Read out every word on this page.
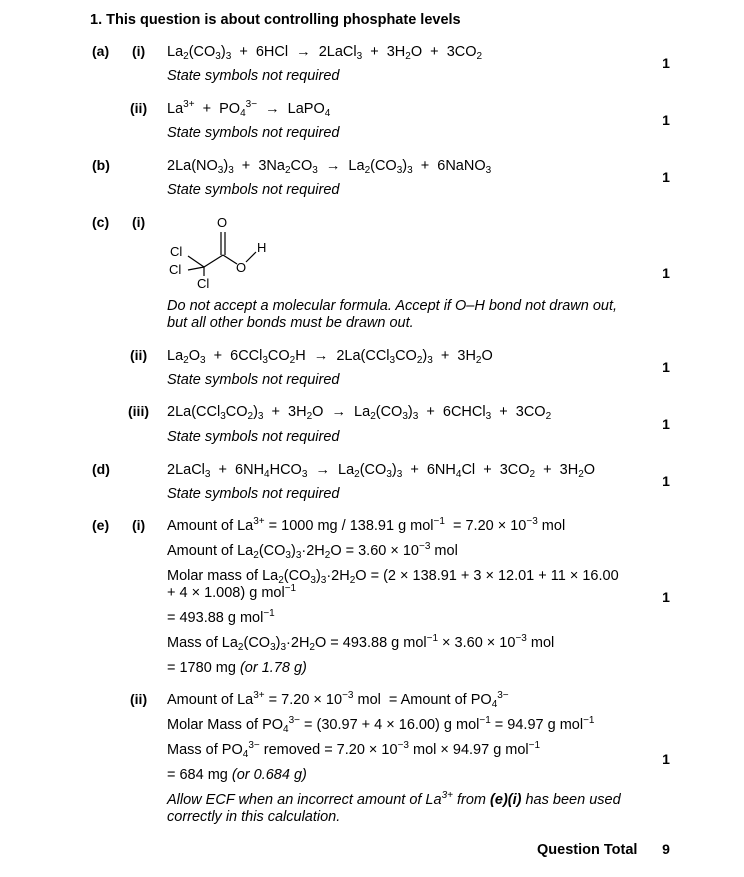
1. This question is about controlling phosphate levels
(a) (i) $La_2(CO_3)_3 + 6HCl$  →  2LaCl$_3$  +  $3H_2O + 3CO_2$
State symbols not required
1
(ii) $La^{3+} + PO_4^{3-}$  →  LaPO$_4$
State symbols not required
1
(b)	$2La(NO_3)_3 + 3Na_2CO_3 \to La_2(CO_3)_3$  +  6NaNO$_3$
State symbols not required
1
(c) (i)	O
O
H
Cl
Cl
Cl
Do not accept a molecular formula. Accept if O–H bond not drawn out,
but all other bonds must be drawn out.
1
(ii) $La_2O_3 + 6CCl_3CO_2H \to 2La(CCl_3CO_2)_3 + 3H_2O$
State symbols not required
1
(iii) $2La(CCl_3CO_2)_3 + 3H_2O \to La_2(CO_3)_3$  +  6CHCl$_3$  +  $3CO_2$
State symbols not required
1
(d)	2LaCl$_3$  +  $6NH_4HCO_3 \to La_2(CO_3)_3 + 6NH_4Cl + 3CO_2 + 3H_2O$
State symbols not required
1
(e) (i) Amount of $La^{3+} = 1000$ mg / 138.91 g $mol^{-1} = 7.20 \times 10^{-3}$ mol
Amount of $La_2(CO_3)_3\cdot 2H_2O = 3.60 \times 10^{-3}$ mol
Molar mass of $La_2(CO_3)_3\cdot 2H_2O = (2 \times 138.91 + 3 \times 12.01 + 11 \times 16.00$
+ 4 × 1.008) g mol$^{-1}$
= 493.88 g mol$^{-1}$
Mass of $La_2(CO_3)_3\cdot 2H_2O = 493.88$ g $mol^{-1} \times 3.60 \times 10^{-3}$ mol
= 1780 mg (or 1.78 g)
1
(ii) Amount of $La^{3+} = 7.20 \times 10^{-3}$ mol  = Amount of $PO_4^{3-}$
Molar Mass of $PO_4^{3-} = (30.97 + 4 \times 16.00)$ g mol$^{-1}$ = 94.97 g mol$^{-1}$
Mass of $PO_4^{3-}$ removed = $7.20 \times 10^{-3}$ mol × 94.97 g mol$^{-1}$
= 684 mg (or 0.684 g)
Allow ECF when an incorrect amount of $La^{3+}$ from (e)(i) has been used
correctly in this calculation.
1
Question Total 9
